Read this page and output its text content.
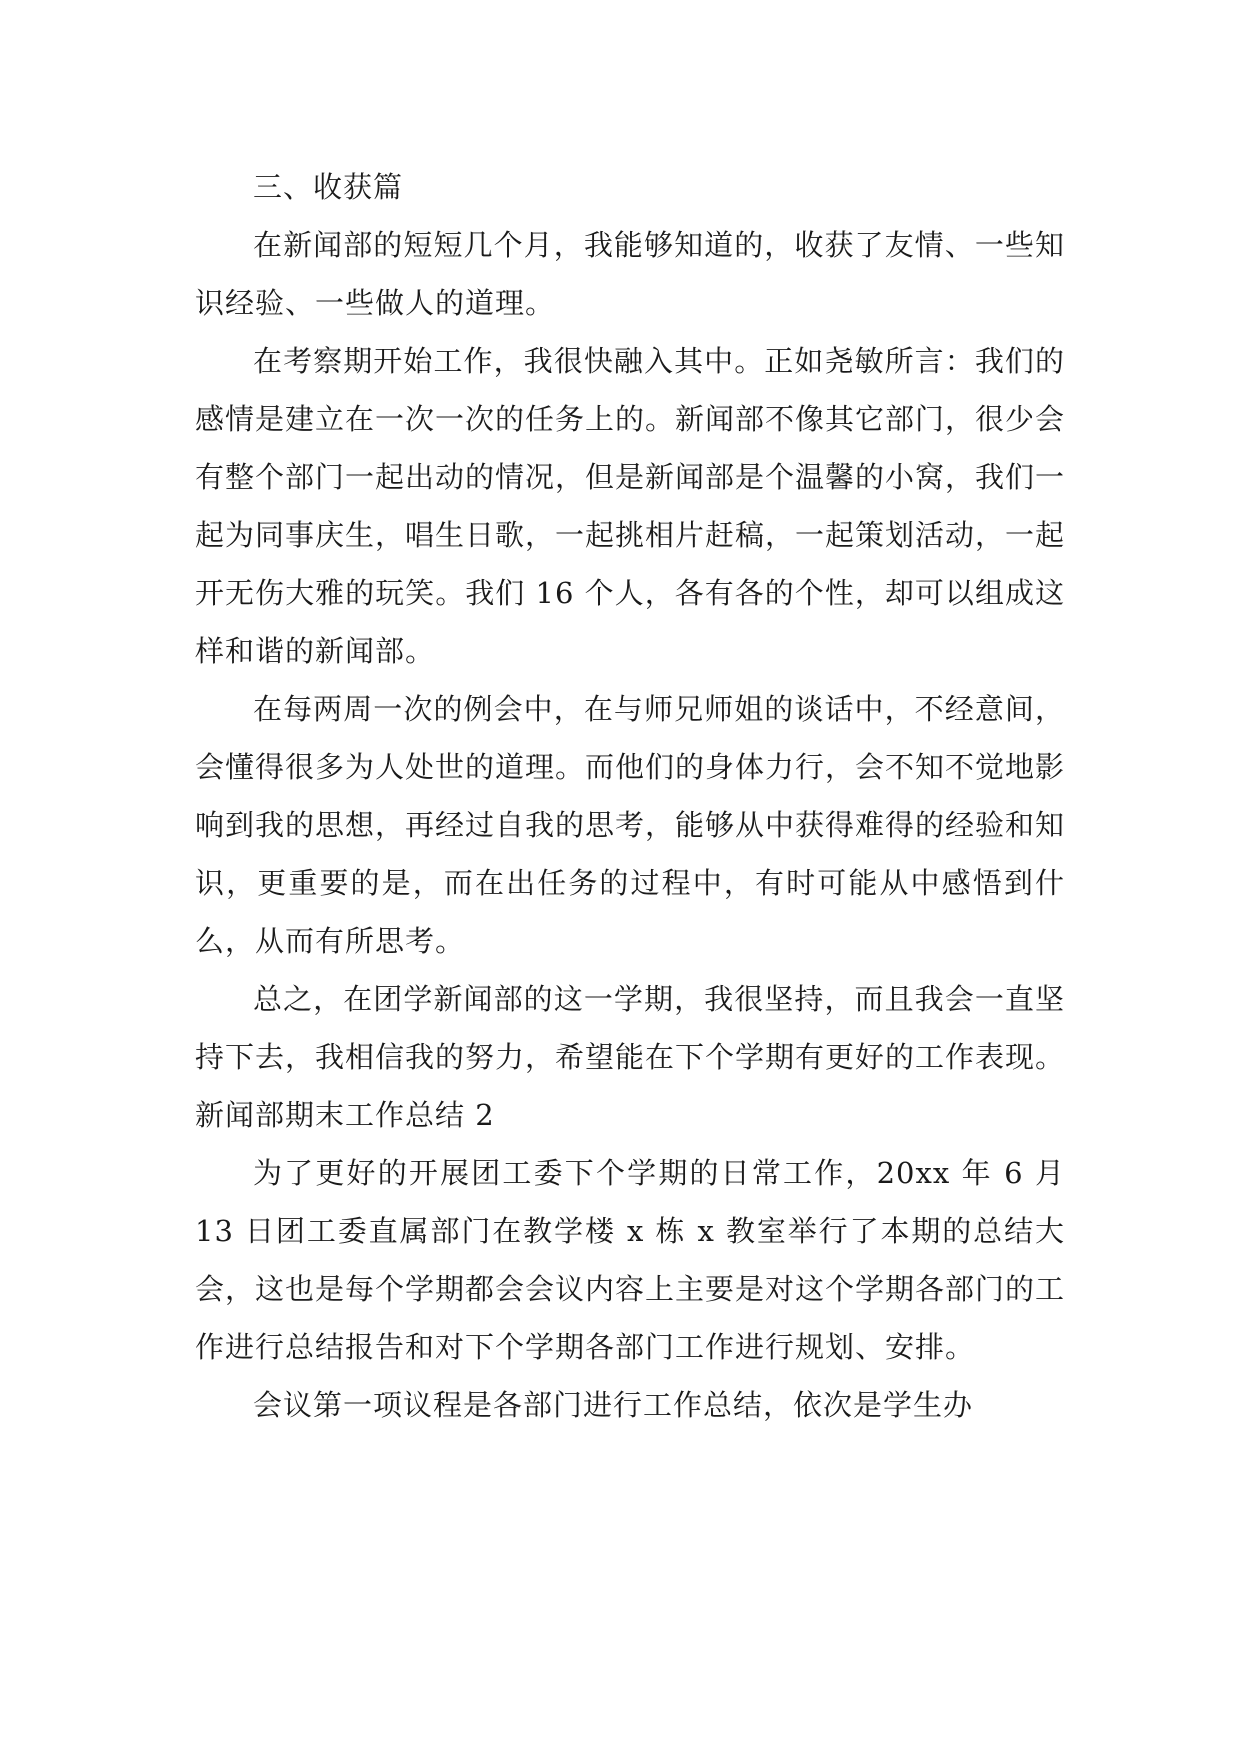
三、收获篇

在新闻部的短短几个月，我能够知道的，收获了友情、一些知识经验、一些做人的道理。

在考察期开始工作，我很快融入其中。正如尧敏所言：我们的感情是建立在一次一次的任务上的。新闻部不像其它部门，很少会有整个部门一起出动的情况，但是新闻部是个温馨的小窝，我们一起为同事庆生，唱生日歌，一起挑相片赶稿，一起策划活动，一起开无伤大雅的玩笑。我们 16 个人，各有各的个性，却可以组成这样和谐的新闻部。

在每两周一次的例会中，在与师兄师姐的谈话中，不经意间，会懂得很多为人处世的道理。而他们的身体力行，会不知不觉地影响到我的思想，再经过自我的思考，能够从中获得难得的经验和知识，更重要的是，而在出任务的过程中，有时可能从中感悟到什么，从而有所思考。

总之，在团学新闻部的这一学期，我很坚持，而且我会一直坚持下去，我相信我的努力，希望能在下个学期有更好的工作表现。

新闻部期末工作总结 2

为了更好的开展团工委下个学期的日常工作，20xx 年 6 月 13 日团工委直属部门在教学楼 x 栋 x 教室举行了本期的总结大会，这也是每个学期都会会议内容上主要是对这个学期各部门的工作进行总结报告和对下个学期各部门工作进行规划、安排。

会议第一项议程是各部门进行工作总结，依次是学生办
